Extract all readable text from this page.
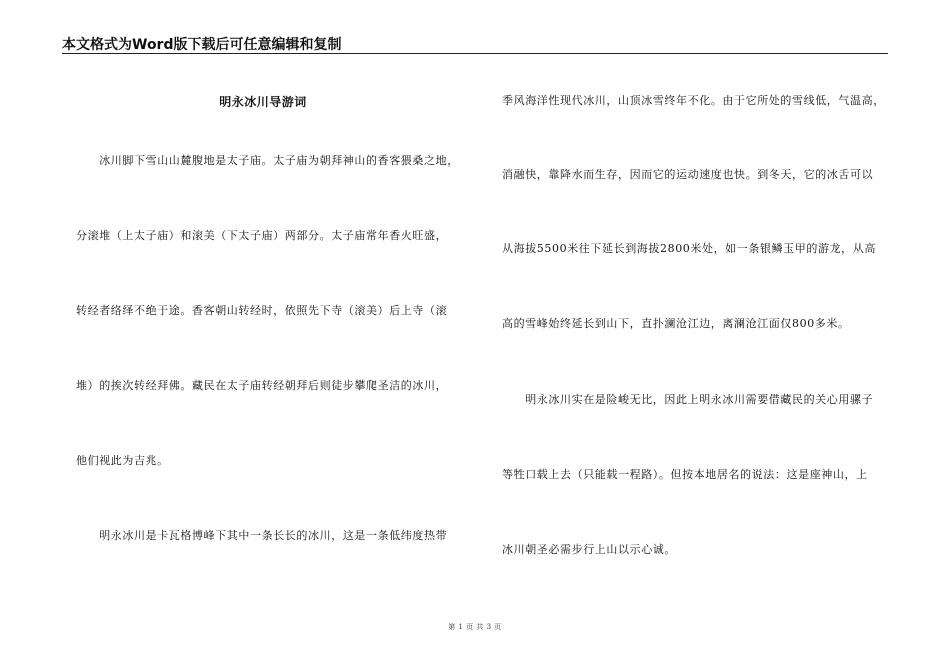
本文格式为Word版下载后可任意编辑和复制
明永冰川导游词
　　冰川脚下雪山山麓腹地是太子庙。太子庙为朝拜神山的香客猥桑之地，
分滚堆（上太子庙）和滚美（下太子庙）两部分。太子庙常年香火旺盛，
转经者络绎不绝于途。香客朝山转经时，依照先下寺（滚美）后上寺（滚
堆）的挨次转经拜佛。藏民在太子庙转经朝拜后则徒步攀爬圣洁的冰川，
他们视此为吉兆。
　　明永冰川是卡瓦格博峰下其中一条长长的冰川，这是一条低纬度热带
季风海洋性现代冰川，山顶冰雪终年不化。由于它所处的雪线低，气温高，
消融快，靠降水而生存，因而它的运动速度也快。到冬天，它的冰舌可以
从海拔5500米往下延长到海拔2800米处，如一条银鳞玉甲的游龙，从高
高的雪峰始终延长到山下，直扑澜沧江边，离澜沧江面仅800多米。
　　明永冰川实在是险峻无比，因此上明永冰川需要借藏民的关心用骡子
等牲口载上去（只能载一程路）。但按本地居名的说法：这是座神山，上
冰川朝圣必需步行上山以示心诚。
第 1 页 共 3 页
